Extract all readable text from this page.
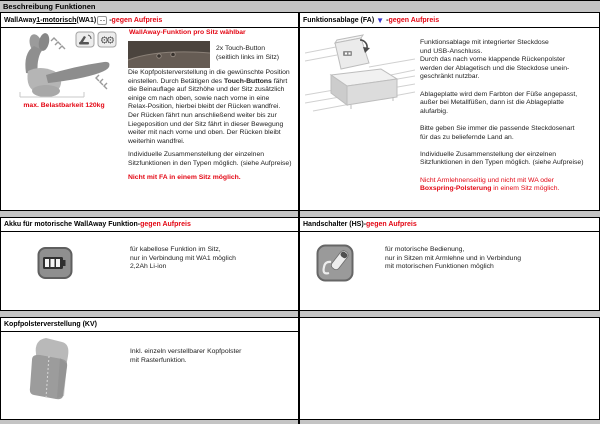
Beschreibung Funktionen
WallAway 1-motorisch (WA1) - gegen Aufpreis
⚙⚙
max. Belastbarkeit 120kg
WallAway-Funktion pro Sitz wählbar
2x Touch-Button
(seitlich links im Sitz)
Die Kopfpolsterverstellung in die gewünschte Position
einstellen. Durch Betätigen des Touch-Buttons fährt
die Beinauflage auf Sitzhöhe und der Sitz zusätzlich
einige cm nach oben, sowie nach vorne in eine
Relax-Position, hierbei bleibt der Rücken wandfrei.
Der Rücken fährt nun anschließend weiter bis zur
Liegeposition und der Sitz fährt in dieser Bewegung
weiter mit nach vorne und oben. Der Rücken bleibt
weiterhin wandfrei.
Individuelle Zusammenstellung der einzelnen
Sitzfunktionen in den Typen möglich. (siehe Aufpreise)
Nicht mit FA in einem Sitz möglich.
Funktionsablage (FA) ▼ - gegen Aufpreis
Funktionsablage mit integrierter Steckdose
und USB-Anschluss.
Durch das nach vorne klappende Rückenpolster
werden der Ablagetisch und die Steckdose unein-
geschränkt nutzbar.

Ablageplatte wird dem Farbton der Füße angepasst,
außer bei Metallfüßen, dann ist die Ablageplatte
alufarbig.

Bitte geben Sie immer die passende Steckdosenart
für das zu beliefernde Land an.

Individuelle Zusammenstellung der einzelnen
Sitzfunktionen in den Typen möglich. (siehe Aufpreise)

Nicht Armlehnenseitig und nicht mit WA oder
Boxspring-Polsterung in einem Sitz möglich.
Akku für motorische WallAway Funktion - gegen Aufpreis
für kabellose Funktion im Sitz,
nur in Verbindung mit WA1 möglich
2,2Ah Li-ion
Handschalter (HS) - gegen Aufpreis
für motorische Bedienung,
nur in Sitzen mit Armlehne und in Verbindung
mit motorischen Funktionen möglich
Kopfpolsterverstellung (KV)
Inkl. einzeln verstellbarer Kopfpolster
mit Rasterfunktion.
